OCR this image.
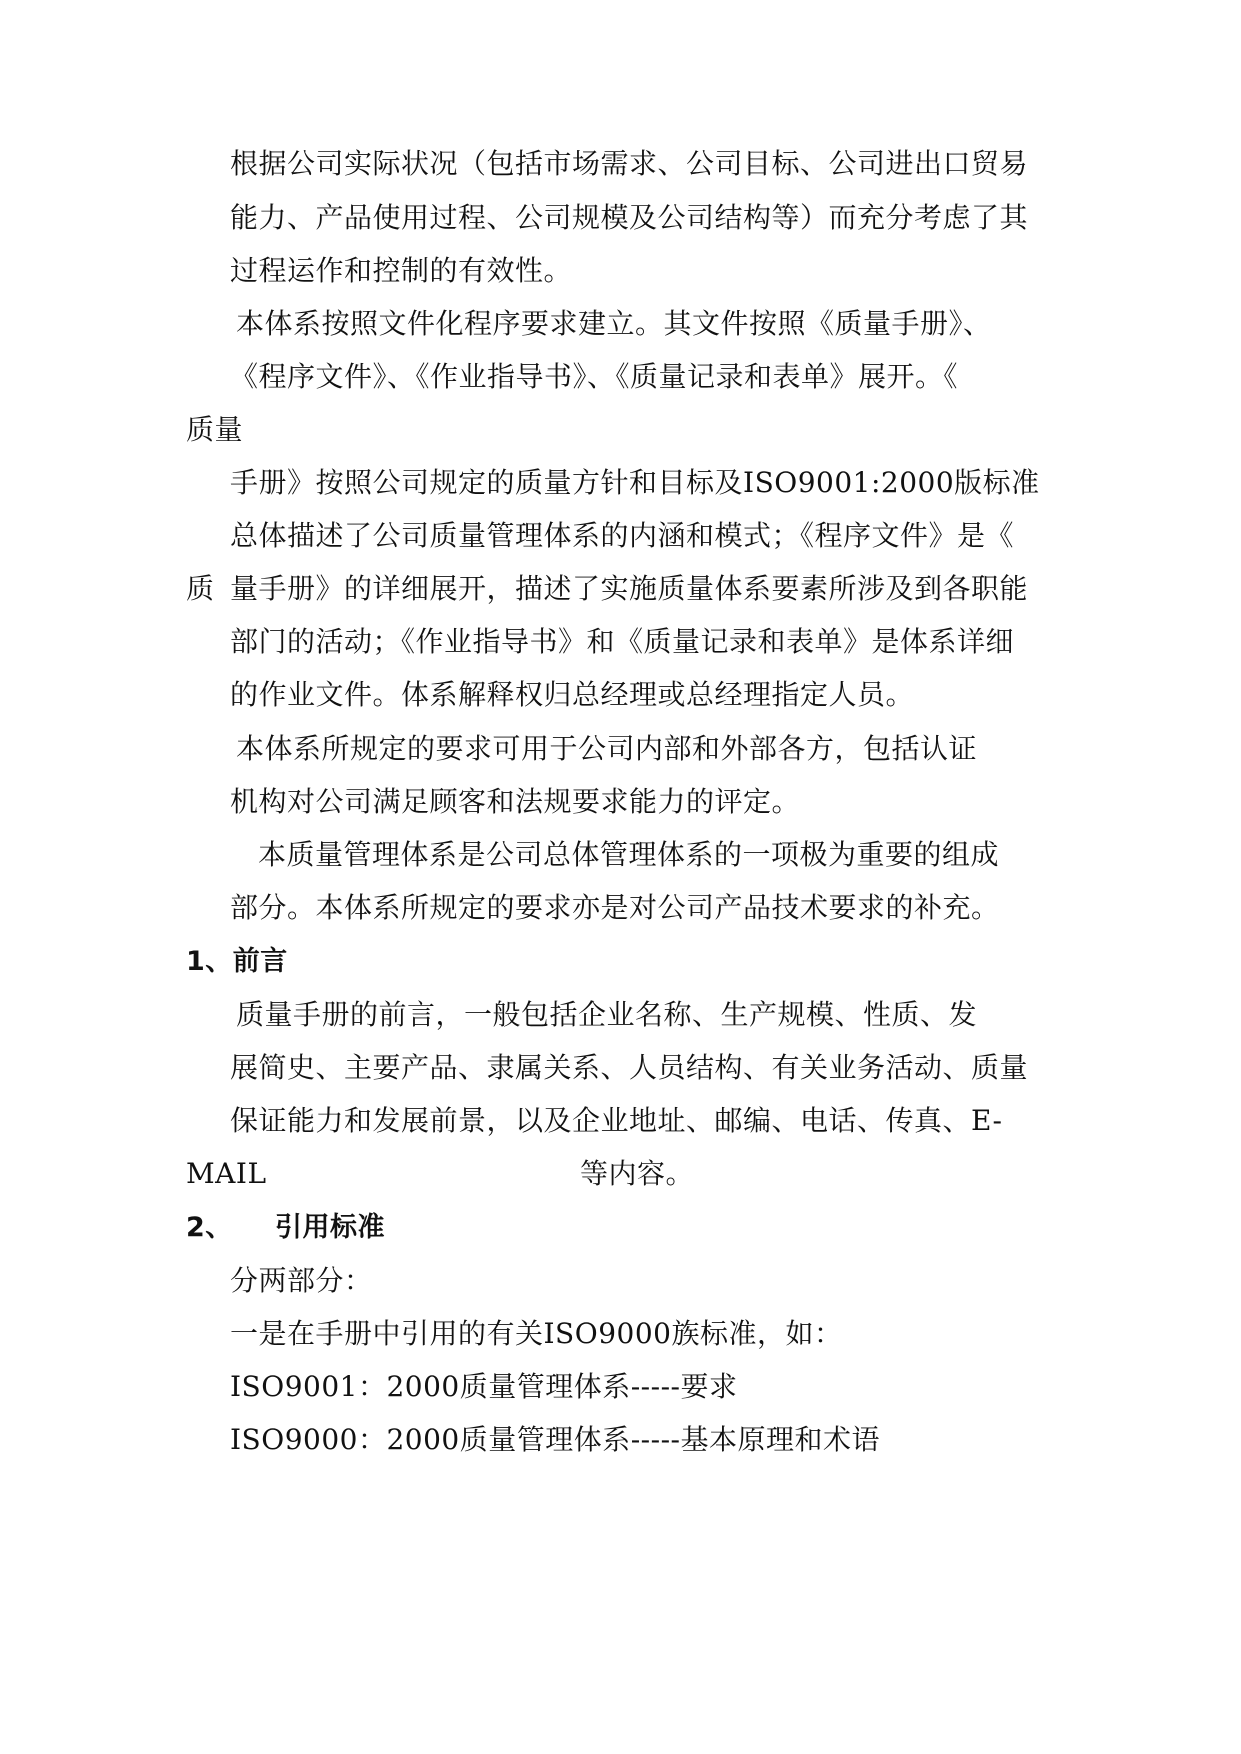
根据公司实际状况（包括市场需求、公司目标、公司进出口贸易
能力、产品使用过程、公司规模及公司结构等）而充分考虑了其
过程运作和控制的有效性。
本体系按照文件化程序要求建立。其文件按照《质量手册》、
《程序文件》、《作业指导书》、《质量记录和表单》展开。《
质量
手册》按照公司规定的质量方针和目标及ISO9001:2000版标准
总体描述了公司质量管理体系的内涵和模式；《程序文件》是《
质 量手册》的详细展开，描述了实施质量体系要素所涉及到各职能
部门的活动；《作业指导书》和《质量记录和表单》是体系详细
的作业文件。体系解释权归总经理或总经理指定人员。
本体系所规定的要求可用于公司内部和外部各方，包括认证
机构对公司满足顾客和法规要求能力的评定。
本质量管理体系是公司总体管理体系的一项极为重要的组成
部分。本体系所规定的要求亦是对公司产品技术要求的补充。
1、前言
质量手册的前言，一般包括企业名称、生产规模、性质、发
展简史、主要产品、隶属关系、人员结构、有关业务活动、质量
保证能力和发展前景，以及企业地址、邮编、电话、传真、E-
MAIL	等内容。
2、 引用标准
分两部分：
一是在手册中引用的有关ISO9000族标准，如：
ISO9001：2000质量管理体系-----要求
ISO9000：2000质量管理体系-----基本原理和术语
